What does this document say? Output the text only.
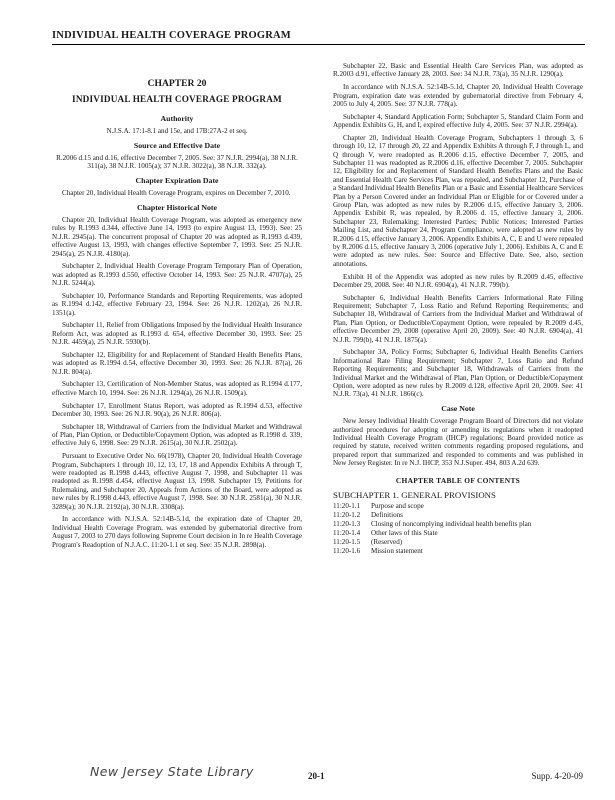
INDIVIDUAL HEALTH COVERAGE PROGRAM
CHAPTER 20
INDIVIDUAL HEALTH COVERAGE PROGRAM
Authority

N.J.S.A. 17:1-8.1 and 15e, and 17B:27A-2 et seq.

Source and Effective Date

R.2006 d.15 and d.16, effective December 7, 2005. See: 37 N.J.R. 2994(a), 38 N.J.R. 311(a), 38 N.J.R. 1005(a); 37 N.J.R. 3022(a), 38 N.J.R. 332(a).

Chapter Expiration Date

Chapter 20, Individual Health Coverage Program, expires on December 7, 2010.

Chapter Historical Note

Chapter 20, Individual Health Coverage Program, was adopted as emergency new rules by R.1993 d.344, effective June 14, 1993 (to expire August 13, 1993). See: 25 N.J.R. 2945(a). The concurrent proposal of Chapter 20 was adopted as R.1993 d.439, effective August 13, 1993, with changes effective September 7, 1993. See: 25 N.J.R. 2945(a), 25 N.J.R. 4180(a).

Subchapter 2, Individual Health Coverage Program Temporary Plan of Operation, was adopted as R.1993 d.550, effective October 14, 1993. See: 25 N.J.R. 4707(a), 25 N.J.R. 5244(a).

Subchapter 10, Performance Standards and Reporting Requirements, was adopted as R.1994 d.142, effective February 23, 1994. See: 26 N.J.R. 1202(a), 26 N.J.R. 1351(a).

Subchapter 11, Relief from Obligations Imposed by the Individual Health Insurance Reform Act, was adopted as R.1993 d. 654, effective December 30, 1993. See: 25 N.J.R. 4459(a), 25 N.J.R. 5930(b).

Subchapter 12, Eligibility for and Replacement of Standard Health Benefits Plans, was adopted as R.1994 d.54, effective December 30, 1993. See: 26 N.J.R. 87(a), 26 N.J.R. 804(a).

Subchapter 13, Certification of Non-Member Status, was adopted as R.1994 d.177, effective March 10, 1994. See: 26 N.J.R. 1294(a), 26 N.J.R. 1509(a).

Subchapter 17, Enrollment Status Report, was adopted as R.1994 d.53, effective December 30, 1993. See: 26 N.J.R. 90(a), 26 N.J.R. 806(a).

Subchapter 18, Withdrawal of Carriers from the Individual Market and Withdrawal of Plan, Plan Option, or Deductible/Copayment Option, was adopted as R.1998 d. 339, effective July 6, 1998. See: 29 N.J.R. 2615(a), 30 N.J.R. 2502(a).

Pursuant to Executive Order No. 66(1978), Chapter 20, Individual Health Coverage Program, Subchapters 1 through 10, 12, 13, 17, 18 and Appendix Exhibits A through T, were readopted as R.1998 d.443, effective August 7, 1998, and Subchapter 11 was readopted as R.1998 d.454, effective August 13, 1998. Subchapter 19, Petitions for Rulemaking, and Subchapter 20, Appeals from Actions of the Board, were adopted as new rules by R.1998 d.443, effective August 7, 1998. See: 30 N.J.R. 2581(a), 30 N.J.R. 3289(a); 30 N.J.R. 2192(a), 30 N.J.R. 3308(a).

In accordance with N.J.S.A. 52:14B-5.1d, the expiration date of Chapter 20, Individual Health Coverage Program, was extended by gubernatorial directive from August 7, 2003 to 270 days following Supreme Court decision in In re Health Coverage Program's Readoption of N.J.A.C. 11:20-1.1 et seq. See: 35 N.J.R. 2898(a).

Subchapter 22, Basic and Essential Health Care Services Plan, was adopted as R.2003 d.91, effective January 28, 2003. See: 34 N.J.R. 73(a), 35 N.J.R. 1290(a).

In accordance with N.J.S.A. 52:14B-5.1d, Chapter 20, Individual Health Coverage Program, expiration date was extended by gubernatorial directive from February 4, 2005 to July 4, 2005. See: 37 N.J.R. 778(a).

Subchapter 4, Standard Application Form; Subchapter 5, Standard Claim Form and Appendix Exhibits G, H, and I, expired effective July 4, 2005. See: 37 N.J.R. 2994(a).

Chapter 20, Individual Health Coverage Program, Subchapters 1 through 3, 6 through 10, 12, 17 through 20, 22 and Appendix Exhibits A through F, J through L, and Q through V, were readopted as R.2006 d.15, effective December 7, 2005, and Subchapter 11 was readopted as R.2006 d.16, effective December 7, 2005. Subchapter 12, Eligibility for and Replacement of Standard Health Benefits Plans and the Basic and Essential Health Care Services Plan, was repealed, and Subchapter 12, Purchase of a Standard Individual Health Benefits Plan or a Basic and Essential Healthcare Services Plan by a Person Covered under an Individual Plan or Eligible for or Covered under a Group Plan, was adopted as new rules by R.2006 d.15, effective January 3, 2006. Appendix Exhibit R, was repealed, by R.2006 d. 15, effective January 3, 2006. Subchapter 23, Rulemaking; Interested Parties; Public Notices; Interested Parties Mailing List, and Subchapter 24, Program Compliance, were adopted as new rules by R.2006 d.15, effective January 3, 2006. Appendix Exhibits A, C, E and U were repealed by R.2006 d.15, effective January 3, 2006 (operative July 1, 2006). Exhibits A, C and E were adopted as new rules. See: Source and Effective Date. See, also, section annotations.

Exhibit H of the Appendix was adopted as new rules by R.2009 d.45, effective December 29, 2008. See: 40 N.J.R. 6904(a), 41 N.J.R. 799(b).

Subchapter 6, Individual Health Benefits Carriers Informational Rate Filing Requirement; Subchapter 7, Loss Ratio and Refund Reporting Requirements; and Subchapter 18, Withdrawal of Carriers from the Individual Market and Withdrawal of Plan, Plan Option, or Deductible/Copayment Option, were repealed by R.2009 d.45, effective December 29, 2008 (operative April 20, 2009). See: 40 N.J.R. 6904(a), 41 N.J.R. 799(b), 41 N.J.R. 1875(a).

Subchapter 3A, Policy Forms; Subchapter 6, Individual Health Benefits Carriers Informational Rate Filing Requirement; Subchapter 7, Loss Ratio and Refund Reporting Requirements; and Subchapter 18, Withdrawals of Carriers from the Individual Market and the Withdrawal of Plan, Plan Option, or Deductible/Copayment Option, were adopted as new rules by R.2009 d.128, effective April 20, 2009. See: 41 N.J.R. 73(a), 41 N.J.R. 1866(c).

Case Note

New Jersey Individual Health Coverage Program Board of Directors did not violate authorized procedures for adopting or amending its regulations when it readopted Individual Health Coverage Program (IHCP) regulations; Board provided notice as required by statute, received written comments regarding proposed regulations, and prepared report that summarized and responded to comments and was published in New Jersey Register. In re N.J. IHCP, 353 N.J.Super. 494, 803 A.2d 639.

CHAPTER TABLE OF CONTENTS
SUBCHAPTER 1. GENERAL PROVISIONS
11:20-1.1	Purpose and scope
11:20-1.2	Definitions
11:20-1.3	Closing of noncomplying individual health benefits plan
11:20-1.4	Other laws of this State
11:20-1.5	(Reserved)
11:20-1.6	Mission statement
New Jersey State Library	20-1	Supp. 4-20-09
